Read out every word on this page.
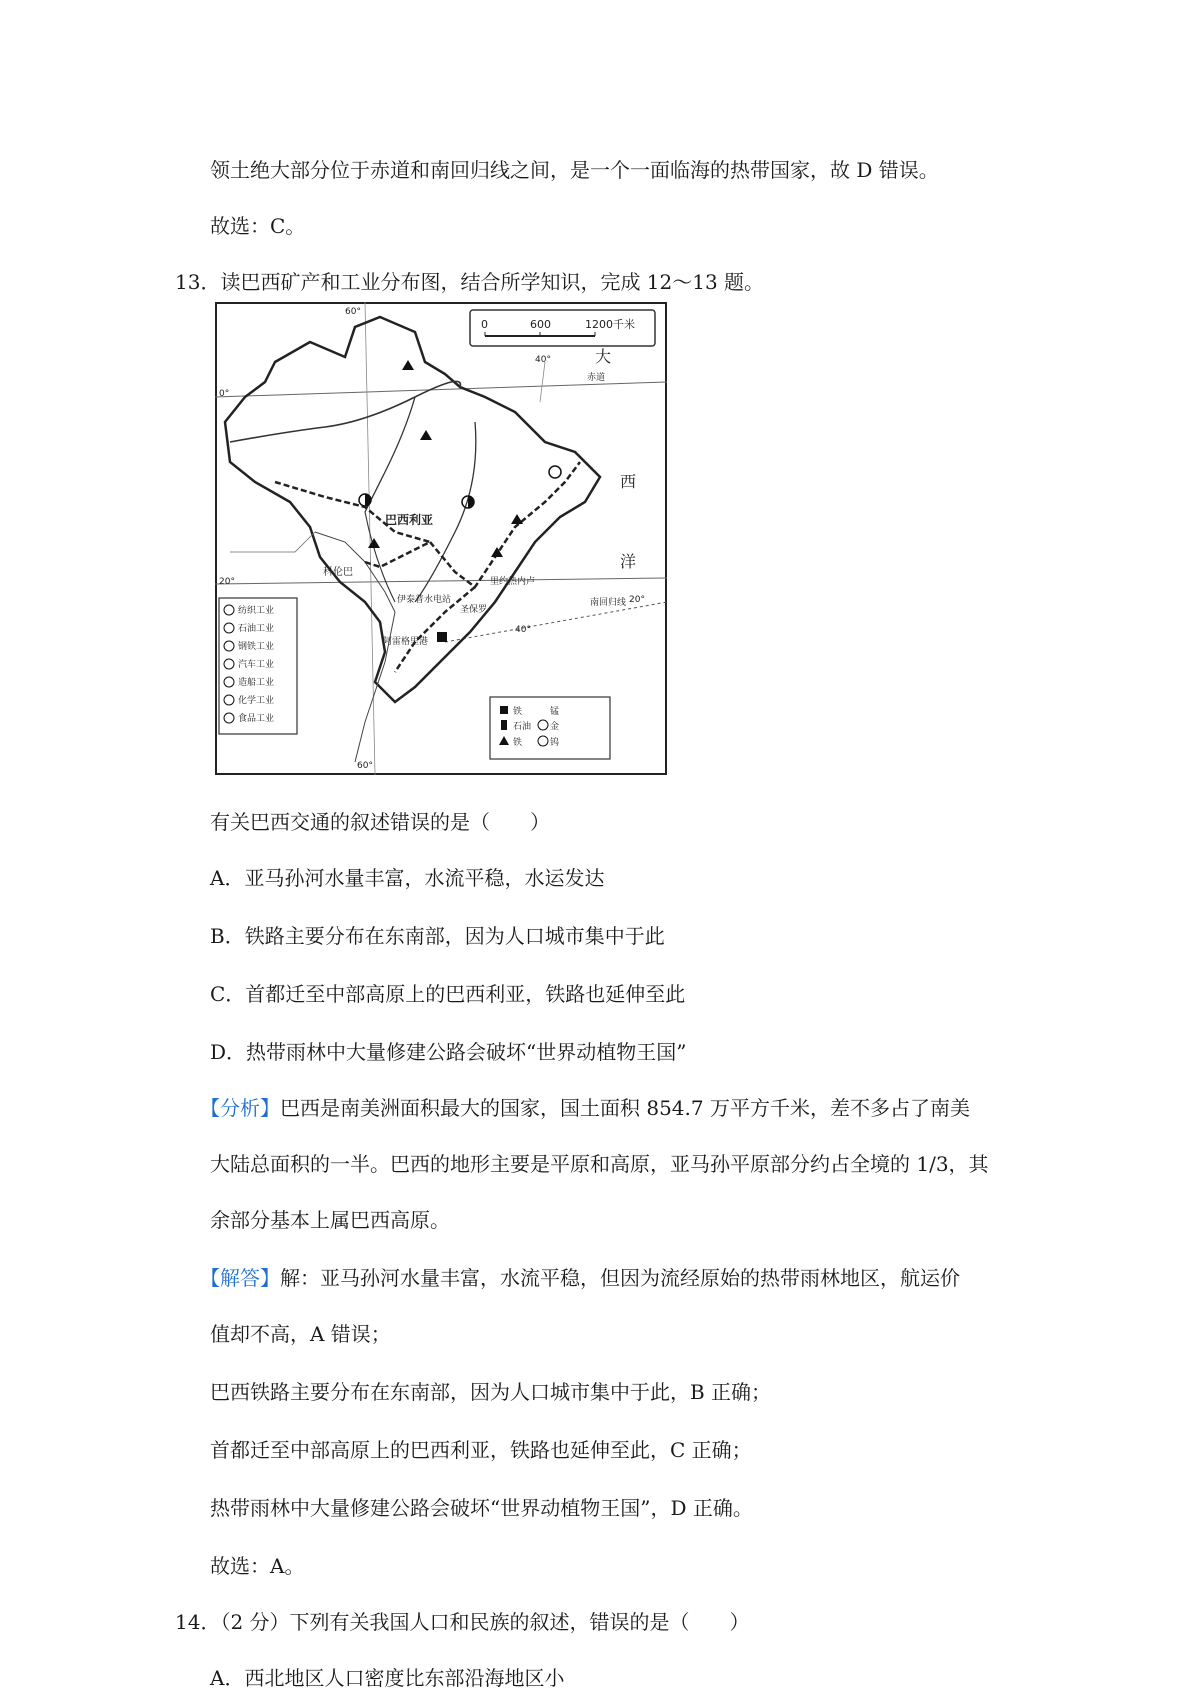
领土绝大部分位于赤道和南回归线之间，是一个一面临海的热带国家，故 D 错误。
故选：C。
13．读巴西矿产和工业分布图，结合所学知识，完成 12～13 题。
0	600	1200千米
60°
40°
0°
20°
20°
40°
60°
赤道
南回归线
大
西
洋
巴西利亚
科伦巴
里约热内卢
圣保罗
伊泰普水电站
阿雷格里港
纺织工业
石油工业
钢铁工业
汽车工业
造船工业
化学工业
食品工业
铁	锰
石油 金
铁	钨
有关巴西交通的叙述错误的是（　　）
A．亚马孙河水量丰富，水流平稳，水运发达
B．铁路主要分布在东南部，因为人口城市集中于此
C．首都迁至中部高原上的巴西利亚，铁路也延伸至此
D．热带雨林中大量修建公路会破坏“世界动植物王国”
【分析】巴西是南美洲面积最大的国家，国土面积 854.7 万平方千米，差不多占了南美
大陆总面积的一半。巴西的地形主要是平原和高原，亚马孙平原部分约占全境的 1/3，其
余部分基本上属巴西高原。
【解答】解：亚马孙河水量丰富，水流平稳，但因为流经原始的热带雨林地区，航运价
值却不高，A 错误；
巴西铁路主要分布在东南部，因为人口城市集中于此，B 正确；
首都迁至中部高原上的巴西利亚，铁路也延伸至此，C 正确；
热带雨林中大量修建公路会破坏“世界动植物王国”，D 正确。
故选：A。
14．（2 分）下列有关我国人口和民族的叙述，错误的是（　　）
A．西北地区人口密度比东部沿海地区小
